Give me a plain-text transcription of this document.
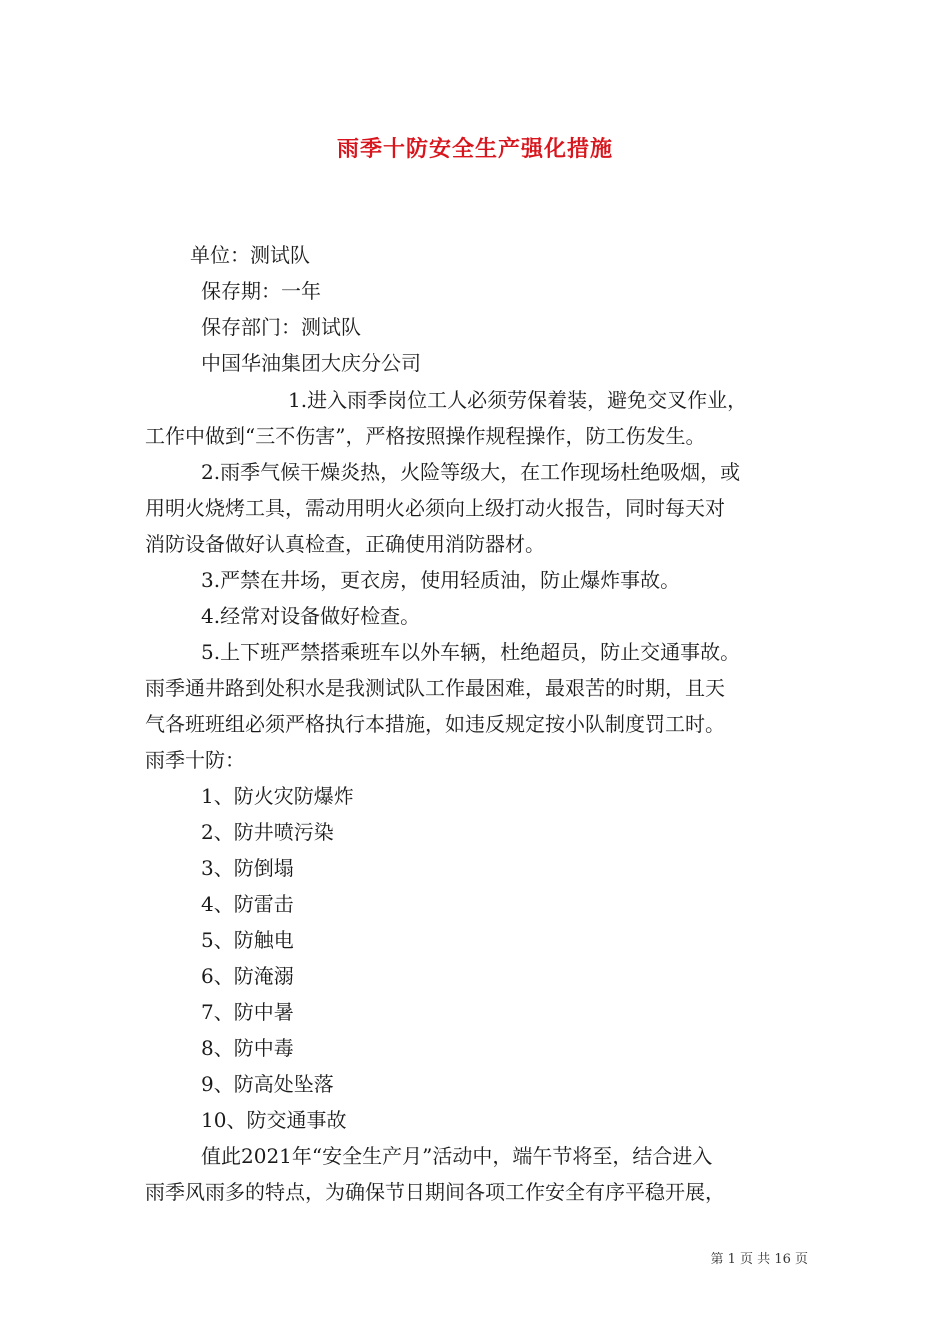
雨季十防安全生产强化措施
单位：测试队
保存期：一年
保存部门：测试队
中国华油集团大庆分公司
1.进入雨季岗位工人必须劳保着装，避免交叉作业，
工作中做到“三不伤害”，严格按照操作规程操作，防工伤发生。
2.雨季气候干燥炎热，火险等级大，在工作现场杜绝吸烟，或
用明火烧烤工具，需动用明火必须向上级打动火报告，同时每天对
消防设备做好认真检查，正确使用消防器材。
3.严禁在井场，更衣房，使用轻质油，防止爆炸事故。
4.经常对设备做好检查。
5.上下班严禁搭乘班车以外车辆，杜绝超员，防止交通事故。
雨季通井路到处积水是我测试队工作最困难，最艰苦的时期，且天
气各班班组必须严格执行本措施，如违反规定按小队制度罚工时。
雨季十防：
1、防火灾防爆炸
2、防井喷污染
3、防倒塌
4、防雷击
5、防触电
6、防淹溺
7、防中暑
8、防中毒
9、防高处坠落
10、防交通事故
值此2021年“安全生产月”活动中，端午节将至，结合进入
雨季风雨多的特点，为确保节日期间各项工作安全有序平稳开展，
第 1 页 共 16 页
